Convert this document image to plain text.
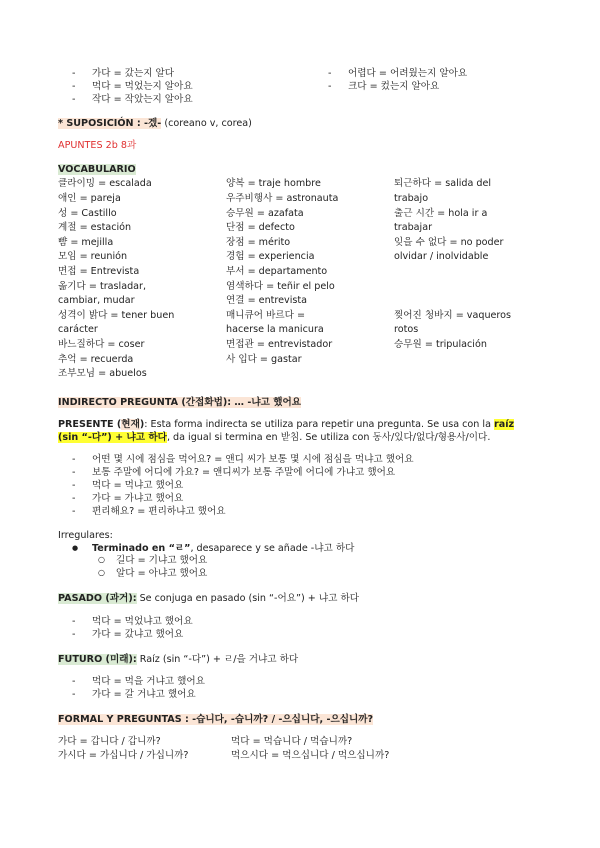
- 가다 = 갔는지 알다
- 먹다 = 먹었는지 알아요
- 작다 = 작았는지 알아요
- 어렵다 = 어려웠는지 알아요
- 크다 = 컸는지 알아요
* SUPOSICIÓN : -겠- (coreano v, corea)
APUNTES 2b 8과
VOCABULARIO
클라이밍 = escalada
애인 = pareja
성 = Castillo
계절 = estación
뺨 = mejilla
모임 = reunión
면접 = Entrevista
옮기다 = trasladar,
cambiar, mudar
성격이 밝다 = tener buen
carácter
바느질하다 = coser
추억 = recuerda
조부모님 = abuelos
양복 = traje hombre
우주비행사 = astronauta
승무원 = azafata
단점 = defecto
장점 = mérito
경험 = experiencia
부서 = departamento
염색하다 = teñir el pelo
연결 = entrevista
매니큐어 바르다 =
hacerse la manicura
면접관 = entrevistador
사 입다 = gastar
퇴근하다 = salida del
trabajo
출근 시간 = hola ir a
trabajar
잊을 수 없다 = no poder
olvidar / inolvidable
찢어진 청바지 = vaqueros
rotos
승무원 = tripulación
INDIRECTO PREGUNTA (간접화법): … -냐고 했어요
PRESENTE (현재): Esta forma indirecta se utiliza para repetir una pregunta. Se usa con la raíz
(sin “-다”) + 냐고 하다, da igual si termina en 받침. Se utiliza con 동사/있다/없다/형용사/이다.
- 어떤 몇 시에 점심을 먹어요? = 앤디 씨가 보통 몇 시에 점심을 먹냐고 했어요
- 보통 주말에 어디에 가요? = 앤디씨가 보통 주말에 어디에 가냐고 했어요
- 먹다 = 먹냐고 했어요
- 가다 = 가냐고 했어요
- 편리해요? = 편리하냐고 했어요
Irregulares:
● Terminado en “ㄹ”, desaparece y se añade -냐고 하다
○ 길다 = 기냐고 했어요
○ 알다 = 아냐고 했어요
PASADO (과거): Se conjuga en pasado (sin “-어요”) + 냐고 하다
- 먹다 = 먹었냐고 했어요
- 가다 = 갔냐고 했어요
FUTURO (미래): Raíz (sin “-다”) + ㄹ/을 거냐고 하다
- 먹다 = 먹을 거냐고 했어요
- 가다 = 갈 거냐고 했어요
FORMAL Y PREGUNTAS : -습니다, -습니까? / -으십니다, -으십니까?
가다 = 갑니다 / 갑니까?	먹다 = 먹습니다 / 먹습니까?
가시다 = 가십니다 / 가십니까?	먹으시다 = 먹으십니다 / 먹으십니까?
